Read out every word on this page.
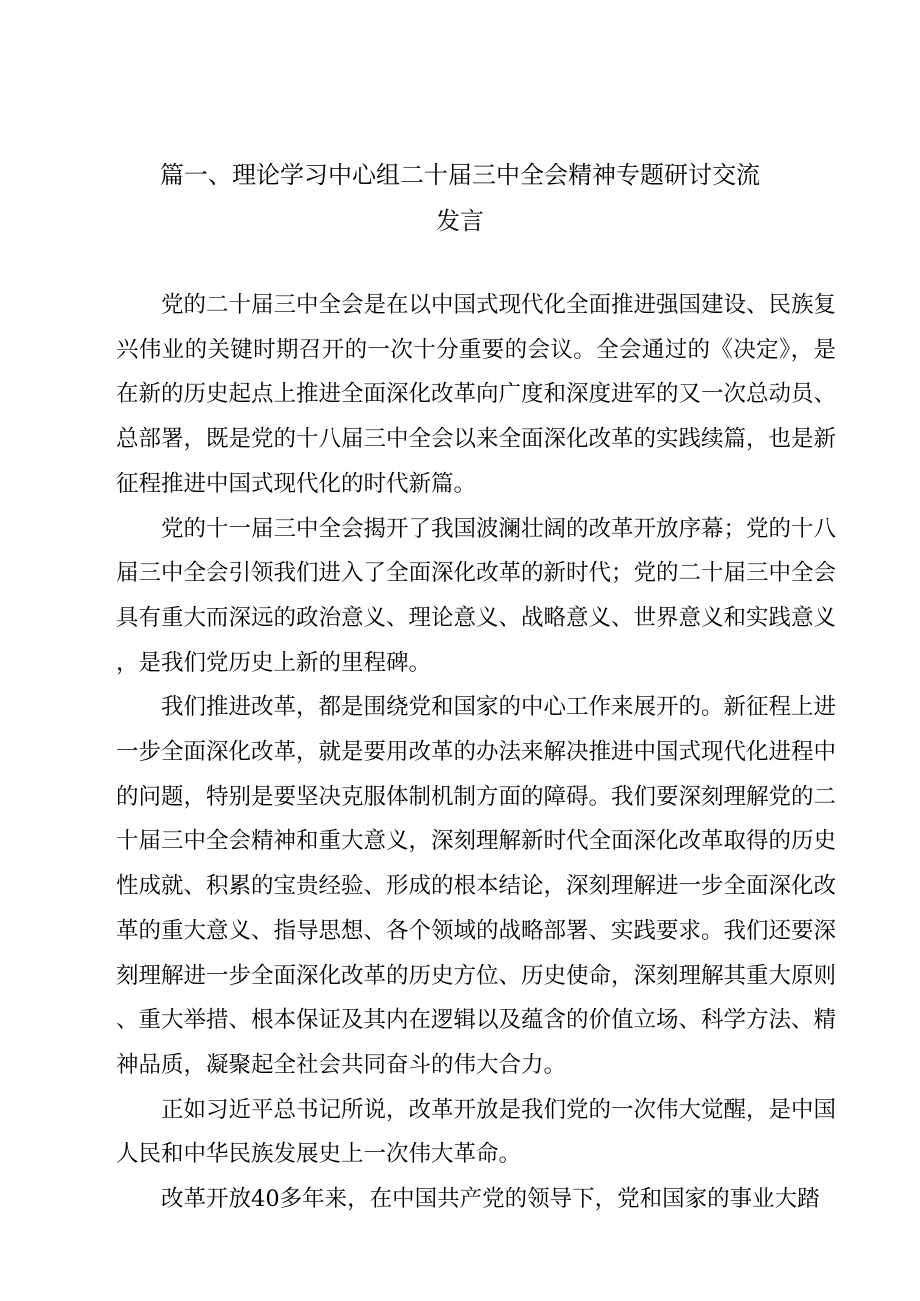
篇一、理论学习中心组二十届三中全会精神专题研讨交流
发言

党的二十届三中全会是在以中国式现代化全面推进强国建设、民族复兴伟业的关键时期召开的一次十分重要的会议。全会通过的《决定》，是在新的历史起点上推进全面深化改革向广度和深度进军的又一次总动员、总部署，既是党的十八届三中全会以来全面深化改革的实践续篇，也是新征程推进中国式现代化的时代新篇。

党的十一届三中全会揭开了我国波澜壮阔的改革开放序幕；党的十八届三中全会引领我们进入了全面深化改革的新时代；党的二十届三中全会具有重大而深远的政治意义、理论意义、战略意义、世界意义和实践意义，是我们党历史上新的里程碑。

我们推进改革，都是围绕党和国家的中心工作来展开的。新征程上进一步全面深化改革，就是要用改革的办法来解决推进中国式现代化进程中的问题，特别是要坚决克服体制机制方面的障碍。我们要深刻理解党的二十届三中全会精神和重大意义，深刻理解新时代全面深化改革取得的历史性成就、积累的宝贵经验、形成的根本结论，深刻理解进一步全面深化改革的重大意义、指导思想、各个领域的战略部署、实践要求。我们还要深刻理解进一步全面深化改革的历史方位、历史使命，深刻理解其重大原则、重大举措、根本保证及其内在逻辑以及蕴含的价值立场、科学方法、精神品质，凝聚起全社会共同奋斗的伟大合力。

正如习近平总书记所说，改革开放是我们党的一次伟大觉醒，是中国人民和中华民族发展史上一次伟大革命。

改革开放40多年来，在中国共产党的领导下，党和国家的事业大踏
